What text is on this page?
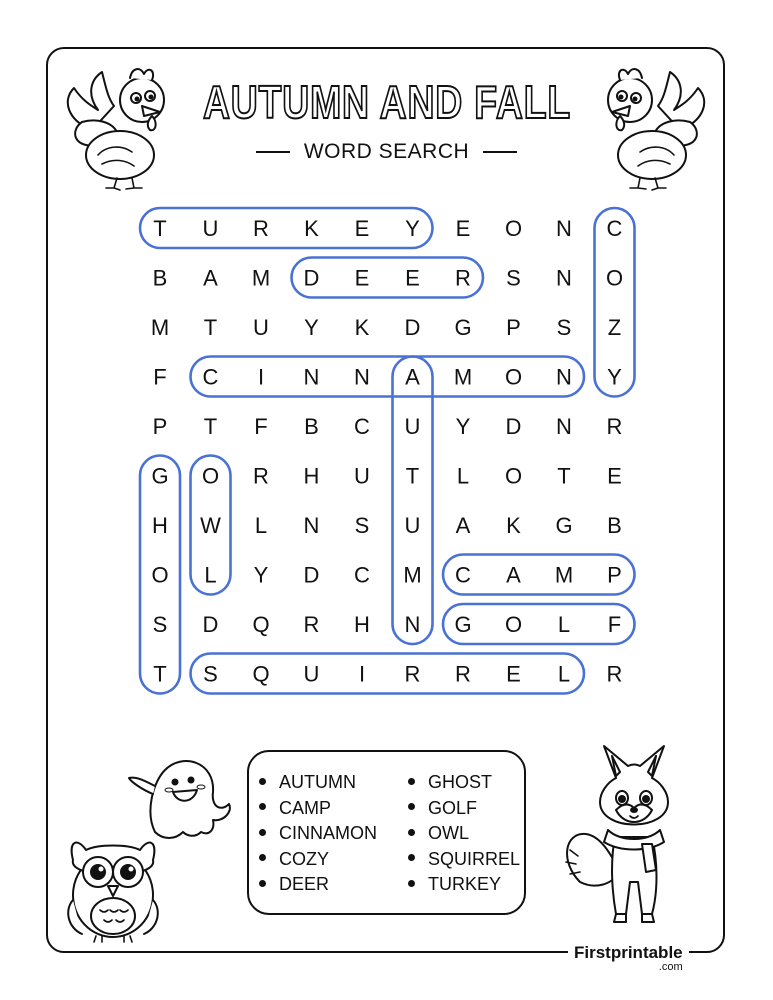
AUTUMN AND FALL
WORD SEARCH
T U R K E Y E O N C
B A M D E E R S N O
M T U Y K D G P S Z
F C I N N A M O N Y
P T F B C U Y D N R
G O R H U T L O T E
H W L N S U A K G B
O L Y D C M C A M P
S D Q R H N G O L F
T S Q U I R R E L R
AUTUMN
CAMP
CINNAMON
COZY
DEER
GHOST
GOLF
OWL
SQUIRREL
TURKEY
Firstprintable
.com
